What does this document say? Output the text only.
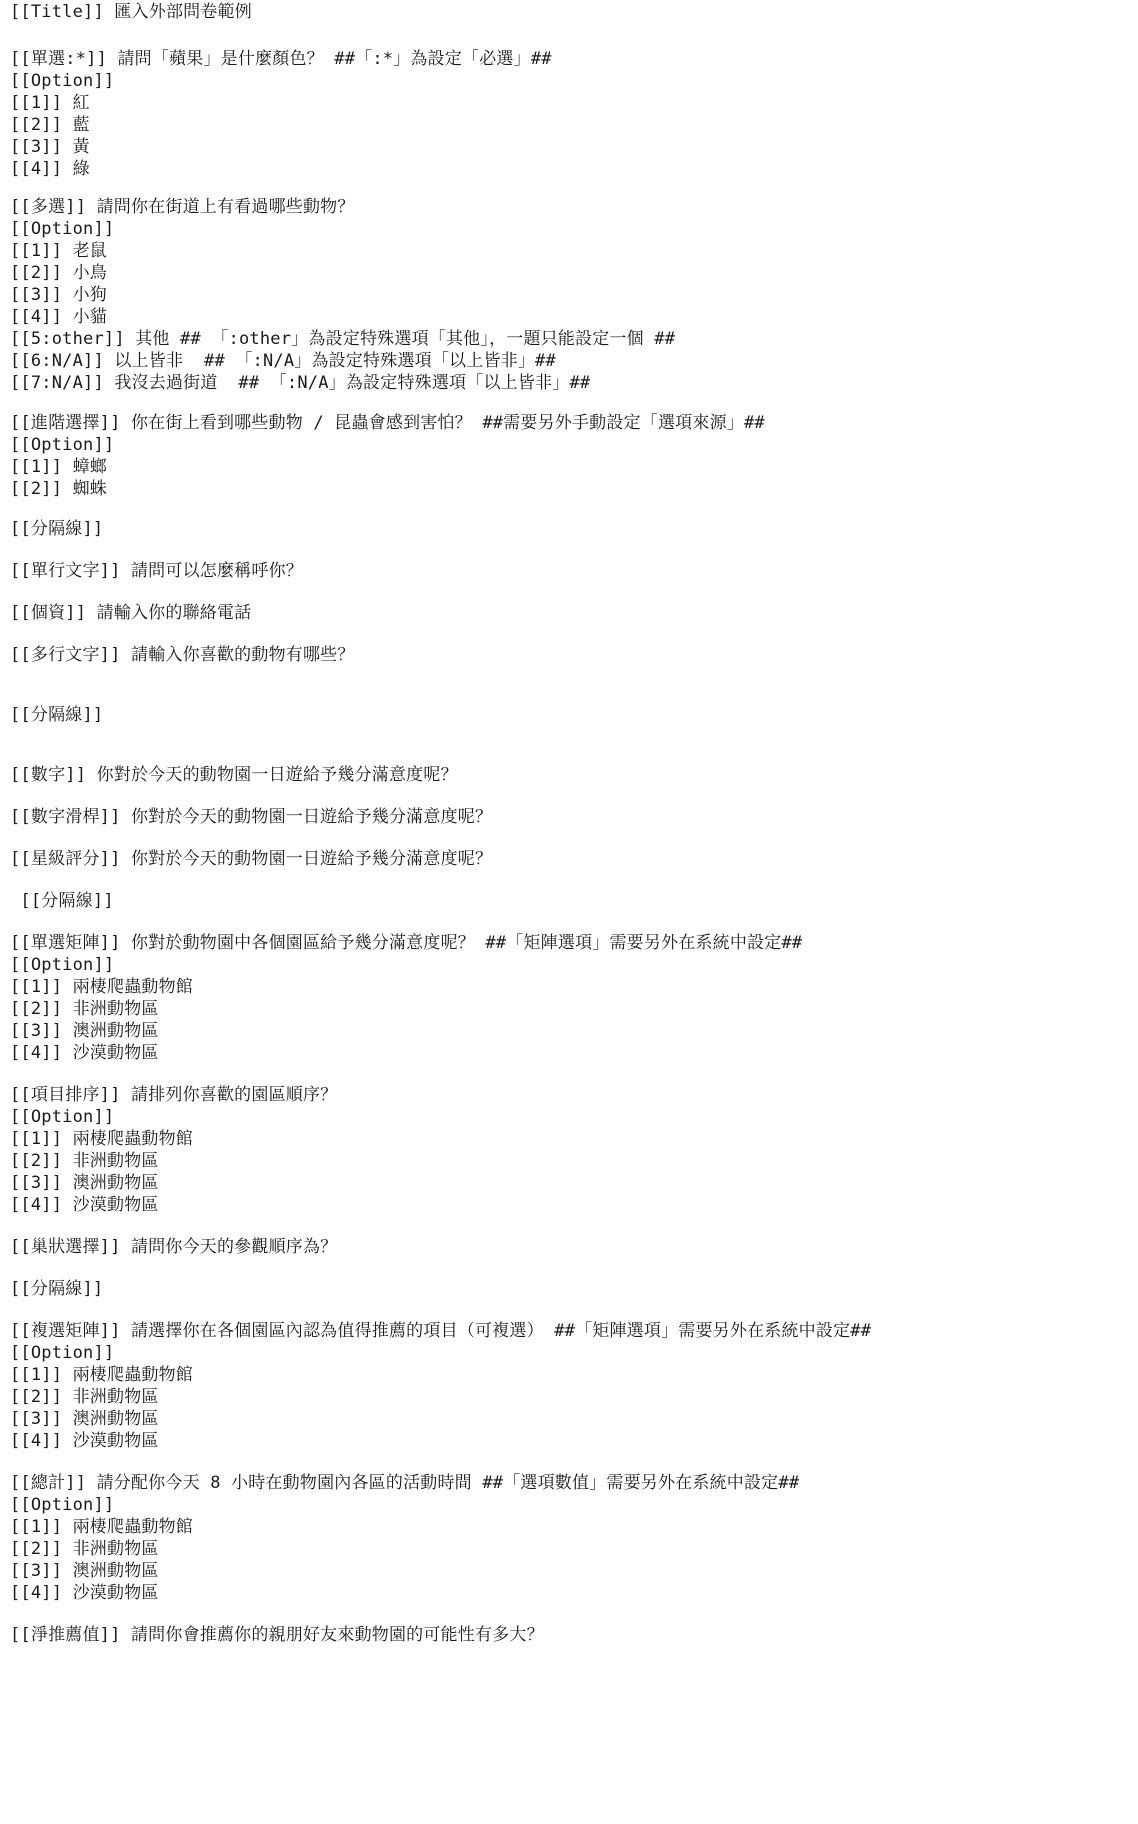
[[Title]] 匯入外部問卷範例
[[單選:*]] 請問「蘋果」是什麼顏色？ ##「:*」為設定「必選」##
[[Option]]
[[1]] 紅
[[2]] 藍
[[3]] 黃
[[4]] 綠
[[多選]] 請問你在街道上有看過哪些動物？
[[Option]]
[[1]] 老鼠
[[2]] 小鳥
[[3]] 小狗
[[4]] 小貓
[[5:other]] 其他 ## 「:other」為設定特殊選項「其他」，一題只能設定一個 ##
[[6:N/A]] 以上皆非  ## 「:N/A」為設定特殊選項「以上皆非」##
[[7:N/A]] 我沒去過街道  ## 「:N/A」為設定特殊選項「以上皆非」##
[[進階選擇]] 你在街上看到哪些動物 / 昆蟲會感到害怕？ ##需要另外手動設定「選項來源」##
[[Option]]
[[1]] 蟑螂
[[2]] 蜘蛛
[[分隔線]]
[[單行文字]] 請問可以怎麼稱呼你？
[[個資]] 請輸入你的聯絡電話
[[多行文字]] 請輸入你喜歡的動物有哪些？
[[分隔線]]
[[數字]] 你對於今天的動物園一日遊給予幾分滿意度呢？
[[數字滑桿]] 你對於今天的動物園一日遊給予幾分滿意度呢？
[[星級評分]] 你對於今天的動物園一日遊給予幾分滿意度呢？
[[分隔線]]
[[單選矩陣]] 你對於動物園中各個園區給予幾分滿意度呢？ ##「矩陣選項」需要另外在系統中設定##
[[Option]]
[[1]] 兩棲爬蟲動物館
[[2]] 非洲動物區
[[3]] 澳洲動物區
[[4]] 沙漠動物區
[[項目排序]] 請排列你喜歡的園區順序？
[[Option]]
[[1]] 兩棲爬蟲動物館
[[2]] 非洲動物區
[[3]] 澳洲動物區
[[4]] 沙漠動物區
[[巢狀選擇]] 請問你今天的參觀順序為？
[[分隔線]]
[[複選矩陣]] 請選擇你在各個園區內認為值得推薦的項目（可複選） ##「矩陣選項」需要另外在系統中設定##
[[Option]]
[[1]] 兩棲爬蟲動物館
[[2]] 非洲動物區
[[3]] 澳洲動物區
[[4]] 沙漠動物區
[[總計]] 請分配你今天 8 小時在動物園內各區的活動時間 ##「選項數值」需要另外在系統中設定##
[[Option]]
[[1]] 兩棲爬蟲動物館
[[2]] 非洲動物區
[[3]] 澳洲動物區
[[4]] 沙漠動物區
[[淨推薦值]] 請問你會推薦你的親朋好友來動物園的可能性有多大？
